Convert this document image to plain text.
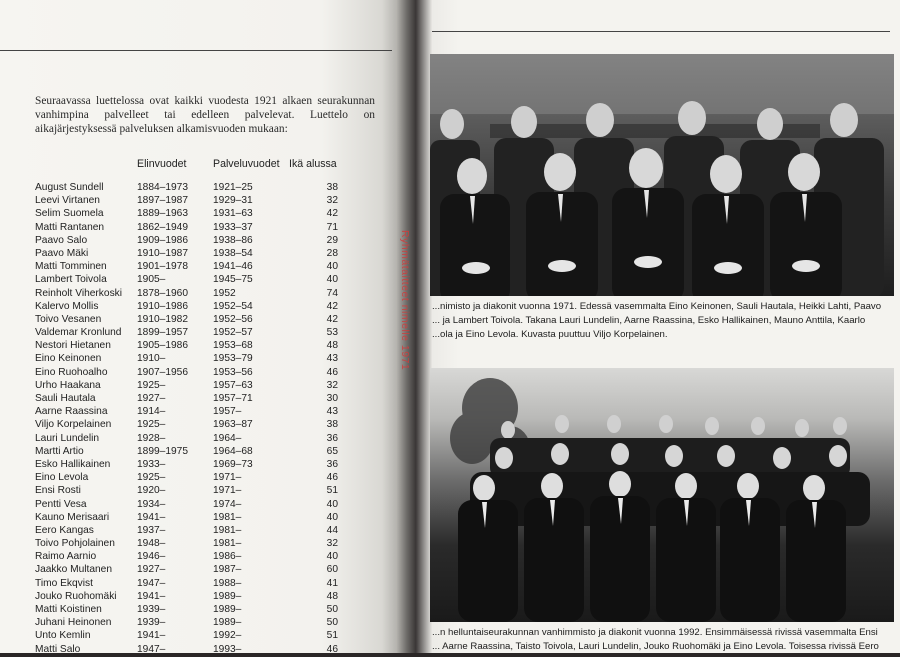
Seuraavassa luettelossa ovat kaikki vuodesta 1921 alkaen seurakunnan vanhimpina palvelleet tai edelleen palvelevat. Luettelo on aikajärjestyksessä palveluksen alkamisvuoden mukaan:

Elinvuodet	Palveluvuodet Ikä alussa
August Sundell	1884–1973 1921–25	38
Leevi Virtanen	1897–1987 1929–31	32
Selim Suomela	1889–1963 1931–63	42
Matti Rantanen	1862–1949 1933–37	71
Paavo Salo	1909–1986 1938–86	29
Paavo Mäki	1910–1987 1938–54	28
Matti Tomminen	1901–1978 1941–46	40
Lambert Toivola	1905–	1945–75	40
Reinholt Viherkoski 1878–1960 1952	74
Kalervo Mollis	1910–1986 1952–54	42
Toivo Vesanen	1910–1982 1952–56	42
Valdemar Kronlund 1899–1957 1952–57	53
Nestori Hietanen	1905–1986 1953–68	48
Eino Keinonen	1910–	1953–79	43
Eino Ruohoalho	1907–1956 1953–56	46
Urho Haakana	1925–	1957–63	32
Sauli Hautala	1927–	1957–71	30
Aarne Raassina	1914–	1957–	43
Viljo Korpelainen	1925–	1963–87	38
Lauri Lundelin	1928–	1964–	36
Martti Artio	1899–1975 1964–68	65
Esko Hallikainen	1933–	1969–73	36
Eino Levola	1925–	1971–	46
Ensi Rosti	1920–	1971–	51
Pentti Vesa	1934–	1974–	40
Kauno Merisaari	1941–	1981–	40
Eero Kangas	1937–	1981–	44
Toivo Pohjolainen 1948–	1981–	32
Raimo Aarnio	1946–	1986–	40
Jaakko Multanen 1927–	1987–	60
Timo Ekqvist	1947–	1988–	41
Jouko Ruohomäki 1941–	1989–	48
Matti Koistinen	1939–	1989–	50
Juhani Heinonen	1939–	1989–	50
Unto Kemlin	1941–	1992–	51
Matti Salo	1947–	1993–	46

...nimisto ja diakonit vuonna 1971. Edessä vasemmalta Eino Keinonen, Sauli Hautala, Heikki Lahti, Paavo ... ja Lambert Toivola. Takana Lauri Lundelin, Aarne Raassina, Esko Hallikainen, Mauno Anttila, Kaarlo ...ola ja Eino Levola. Kuvasta puuttuu Viljo Korpelainen.

...n helluntaiseurakunnan vanhimmisto ja diakonit vuonna 1992. Ensimmäisessä rivissä vasemmalta Ensi ... Aarne Raassina, Taisto Toivola, Lauri Lundelin, Jouko Ruohomäki ja Eino Levola. Toisessa rivissä Eero

Ryhmätaitteet nimelle 1971
